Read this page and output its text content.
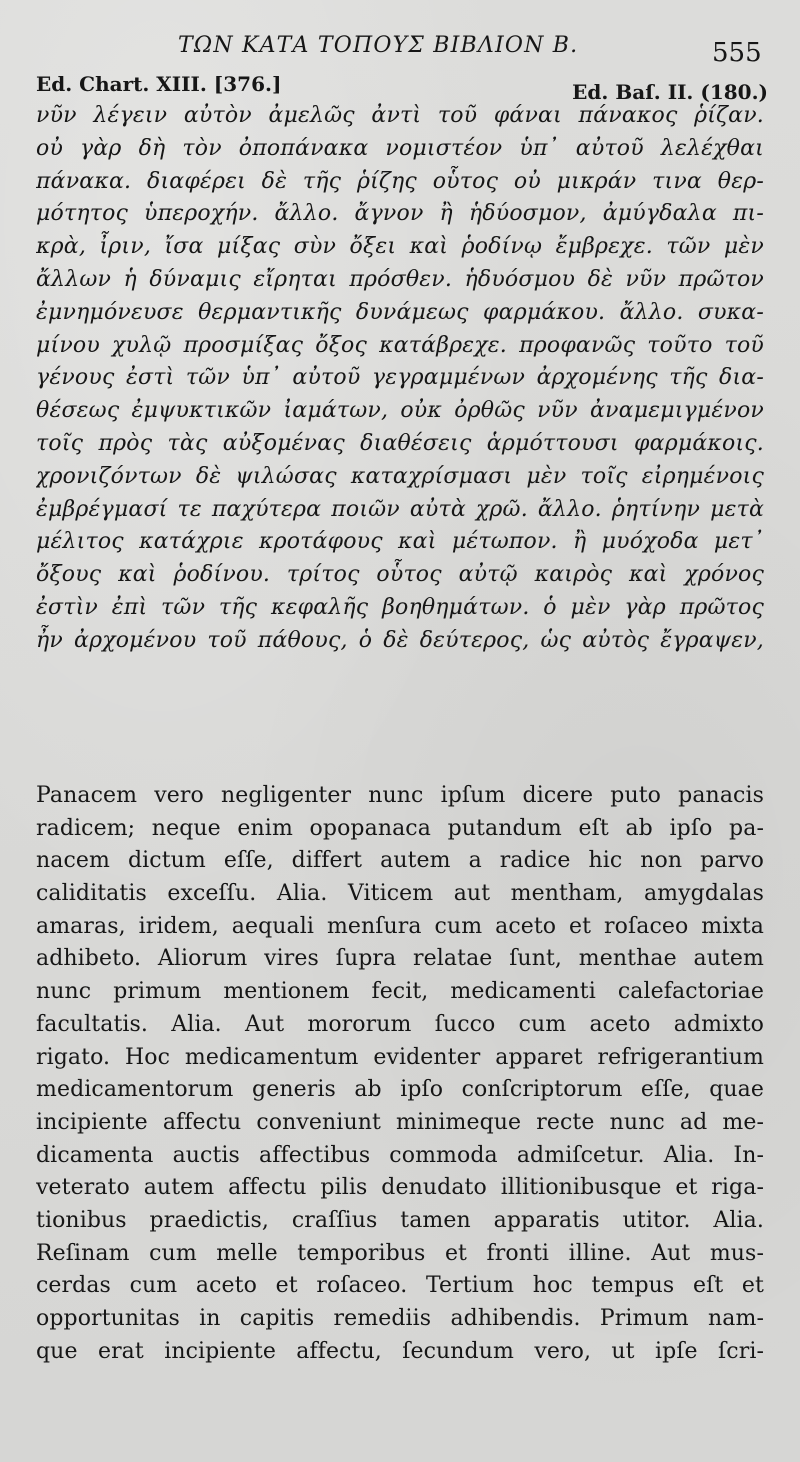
ΤΩΝ ΚΑΤΑ ΤΟΠΟΥΣ ΒΙΒΛΙΟΝ Β.	555
Ed. Chart. XIII. [376.]	Ed. Baſ. II. (180.)
νῦν λέγειν αὐτὸν ἀμελῶς ἀντὶ τοῦ φάναι πάνακος ῥίζαν.
οὐ γὰρ δὴ τὸν ὀποπάνακα νομιστέον ὑπ᾽ αὐτοῦ λελέχθαι
πάνακα. διαφέρει δὲ τῆς ῥίζης οὗτος οὐ μικράν τινα θερ-
μότητος ὑπεροχήν. ἄλλο. ἄγνον ἢ ἡδύοσμον, ἀμύγδαλα πι-
κρὰ, ἶριν, ἴσα μίξας σὺν ὄξει καὶ ῥοδίνῳ ἔμβρεχε. τῶν μὲν
ἄλλων ἡ δύναμις εἴρηται πρόσθεν. ἡδυόσμου δὲ νῦν πρῶτον
ἐμνημόνευσε θερμαντικῆς δυνάμεως φαρμάκου. ἄλλο. συκα-
μίνου χυλῷ προσμίξας ὄξος κατάβρεχε. προφανῶς τοῦτο τοῦ
γένους ἐστὶ τῶν ὑπ᾽ αὐτοῦ γεγραμμένων ἀρχομένης τῆς δια-
θέσεως ἐμψυκτικῶν ἰαμάτων, οὐκ ὀρθῶς νῦν ἀναμεμιγμένον
τοῖς πρὸς τὰς αὐξομένας διαθέσεις ἁρμόττουσι φαρμάκοις.
χρονιζόντων δὲ ψιλώσας καταχρίσμασι μὲν τοῖς εἰρημένοις
ἐμβρέγμασί τε παχύτερα ποιῶν αὐτὰ χρῶ. ἄλλο. ῥητίνην μετὰ
μέλιτος κατάχριε κροτάφους καὶ μέτωπον. ἢ μυόχοδα μετ᾽
ὄξους καὶ ῥοδίνου. τρίτος οὗτος αὐτῷ καιρὸς καὶ χρόνος
ἐστὶν ἐπὶ τῶν τῆς κεφαλῆς βοηθημάτων. ὁ μὲν γὰρ πρῶτος
ἦν ἀρχομένου τοῦ πάθους, ὁ δὲ δεύτερος, ὡς αὐτὸς ἔγραψεν,
Panacem vero negligenter nunc ipſum dicere puto panacis
radicem; neque enim opopanaca putandum eſt ab ipſo pa-
nacem dictum eſſe, differt autem a radice hic non parvo
caliditatis exceſſu. Alia. Viticem aut mentham, amygdalas
amaras, iridem, aequali menſura cum aceto et roſaceo mixta
adhibeto. Aliorum vires ſupra relatae ſunt, menthae autem
nunc primum mentionem fecit, medicamenti calefactoriae
facultatis. Alia. Aut mororum ſucco cum aceto admixto
rigato. Hoc medicamentum evidenter apparet refrigerantium
medicamentorum generis ab ipſo conſcriptorum eſſe, quae
incipiente affectu conveniunt minimeque recte nunc ad me-
dicamenta auctis affectibus commoda admiſcetur. Alia. In-
veterato autem affectu pilis denudato illitionibusque et riga-
tionibus praedictis, craſſius tamen apparatis utitor. Alia.
Reſinam cum melle temporibus et fronti illine. Aut mus-
cerdas cum aceto et roſaceo. Tertium hoc tempus eſt et
opportunitas in capitis remediis adhibendis. Primum nam-
que erat incipiente affectu, ſecundum vero, ut ipſe ſcri-
